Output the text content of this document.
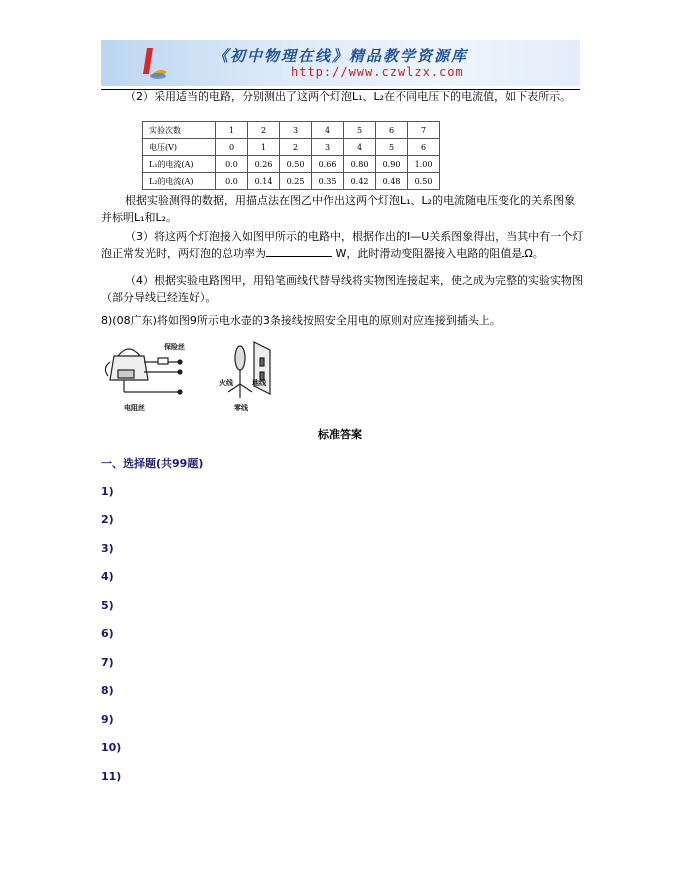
《初中物理在线》精品教学资源库
http://www.czwlzx.com
（2）采用适当的电路，分别测出了这两个灯泡L₁、L₂在不同电压下的电流值，如下表所示。
实验次数	1	2	3	4	5	6	7
电压(V)	0	1	2	3	4	5	6
L₁的电流(A)	0.0	0.26	0.50	0.66	0.80	0.90	1.00
L₂的电流(A)	0.0	0.14	0.25	0.35	0.42	0.48	0.50
根据实验测得的数据，用描点法在图乙中作出这两个灯泡L₁、L₂的电流随电压变化的关系图象并标明L₁和L₂。
（3）将这两个灯泡接入如图甲所示的电路中，根据作出的I—U关系图象得出，当其中有一个灯泡正常发光时，两灯泡的总功率为	W，此时滑动变阻器接入电路的阻值是 Ω。
（4）根据实验电路图甲，用铅笔画线代替导线将实物图连接起来，使之成为完整的实验实物图（部分导线已经连好）。
8)(08广东)将如图9所示电水壶的3条接线按照安全用电的原则对应连接到插头上。
保险丝
电阻丝
火线	地线
零线
标准答案
一、选择题(共99题)
1)
2)
3)
4)
5)
6)
7)
8)
9)
10)
11)
